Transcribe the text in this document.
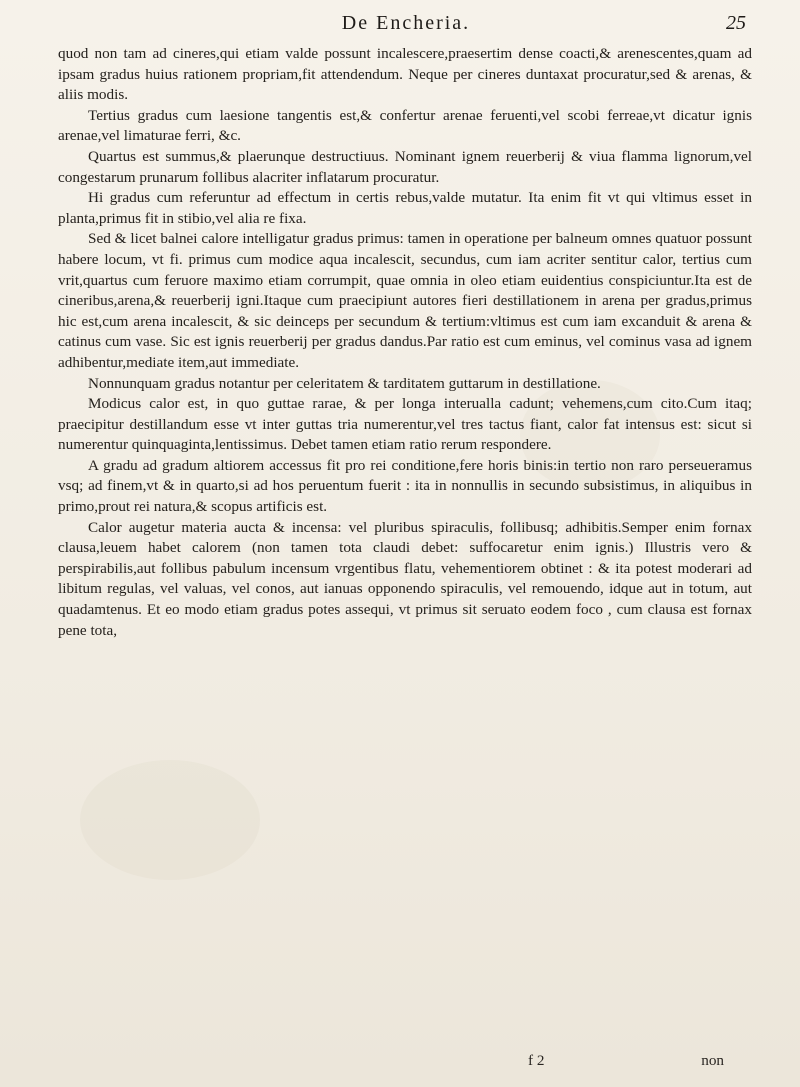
De Encheria.	25

quod non tam ad cineres,qui etiam valde possunt incalescere,praesertim dense coacti,& arenescentes,quam ad ipsam gradus huius rationem propriam,fit attendendum. Neque per cineres duntaxat procuratur,sed & arenas, & aliis modis.

Tertius gradus cum laesione tangentis est,& confertur arenae feruenti,vel scobi ferreae,vt dicatur ignis arenae,vel limaturae ferri, &c.

Quartus est summus,& plaerunque destructiuus. Nominant ignem reuerberij & viua flamma lignorum,vel congestarum prunarum follibus alacriter inflatarum procuratur.

Hi gradus cum referuntur ad effectum in certis rebus,valde mutatur. Ita enim fit vt qui vltimus esset in planta,primus fit in stibio,vel alia re fixa.

Sed & licet balnei calore intelligatur gradus primus: tamen in operatione per balneum omnes quatuor possunt habere locum, vt fi. primus cum modice aqua incalescit, secundus, cum iam acriter sentitur calor, tertius cum vrit,quartus cum feruore maximo etiam corrumpit, quae omnia in oleo etiam euidentius conspiciuntur.Ita est de cineribus,arena,& reuerberij igni.Itaque cum praecipiunt autores fieri destillationem in arena per gradus,primus hic est,cum arena incalescit, & sic deinceps per secundum & tertium:vltimus est cum iam excanduit & arena & catinus cum vase. Sic est ignis reuerberij per gradus dandus.Par ratio est cum eminus, vel cominus vasa ad ignem adhibentur,mediate item,aut immediate.

Nonnunquam gradus notantur per celeritatem & tarditatem guttarum in destillatione.

Modicus calor est, in quo guttae rarae, & per longa interualla cadunt; vehemens,cum cito.Cum itaq; praecipitur destillandum esse vt inter guttas tria numerentur,vel tres tactus fiant, calor fat intensus est: sicut si numerentur quinquaginta,lentissimus. Debet tamen etiam ratio rerum respondere.

A gradu ad gradum altiorem accessus fit pro rei conditione,fere horis binis:in tertio non raro perseueramus vsq; ad finem,vt & in quarto,si ad hos peruentum fuerit : ita in nonnullis in secundo subsistimus, in aliquibus in primo,prout rei natura,& scopus artificis est.

Calor augetur materia aucta & incensa: vel pluribus spiraculis, follibusq; adhibitis.Semper enim fornax clausa,leuem habet calorem (non tamen tota claudi debet: suffocaretur enim ignis.) Illustris vero & perspirabilis,aut follibus pabulum incensum vrgentibus flatu, vehementiorem obtinet : & ita potest moderari ad libitum regulas, vel valuas, vel conos, aut ianuas opponendo spiraculis, vel remouendo, idque aut in totum, aut quadamtenus. Et eo modo etiam gradus potes assequi, vt primus sit seruato eodem foco , cum clausa est fornax pene tota,

f 2	non
